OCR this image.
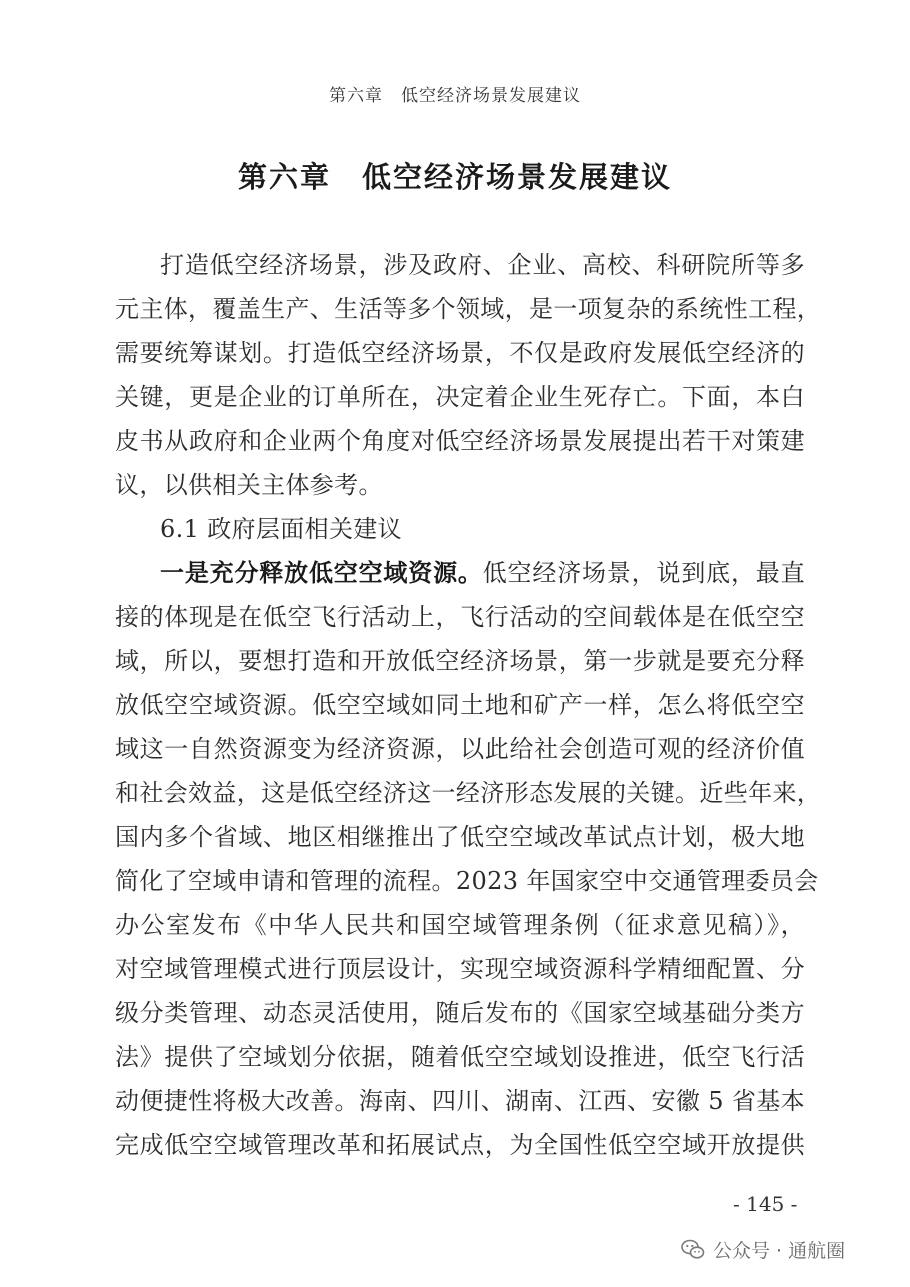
第六章　低空经济场景发展建议
第六章　低空经济场景发展建议
打造低空经济场景，涉及政府、企业、高校、科研院所等多
元主体，覆盖生产、生活等多个领域，是一项复杂的系统性工程，
需要统筹谋划。打造低空经济场景，不仅是政府发展低空经济的
关键，更是企业的订单所在，决定着企业生死存亡。下面，本白
皮书从政府和企业两个角度对低空经济场景发展提出若干对策建
议，以供相关主体参考。
6.1 政府层面相关建议
一是充分释放低空空域资源。低空经济场景，说到底，最直
接的体现是在低空飞行活动上，飞行活动的空间载体是在低空空
域，所以，要想打造和开放低空经济场景，第一步就是要充分释
放低空空域资源。低空空域如同土地和矿产一样，怎么将低空空
域这一自然资源变为经济资源，以此给社会创造可观的经济价值
和社会效益，这是低空经济这一经济形态发展的关键。近些年来，
国内多个省域、地区相继推出了低空空域改革试点计划，极大地
简化了空域申请和管理的流程。2023 年国家空中交通管理委员会
办公室发布《中华人民共和国空域管理条例（征求意见稿）》，
对空域管理模式进行顶层设计，实现空域资源科学精细配置、分
级分类管理、动态灵活使用，随后发布的《国家空域基础分类方
法》提供了空域划分依据，随着低空空域划设推进，低空飞行活
动便捷性将极大改善。海南、四川、湖南、江西、安徽 5 省基本
完成低空空域管理改革和拓展试点，为全国性低空空域开放提供
- 145 -
公众号 · 通航圈
